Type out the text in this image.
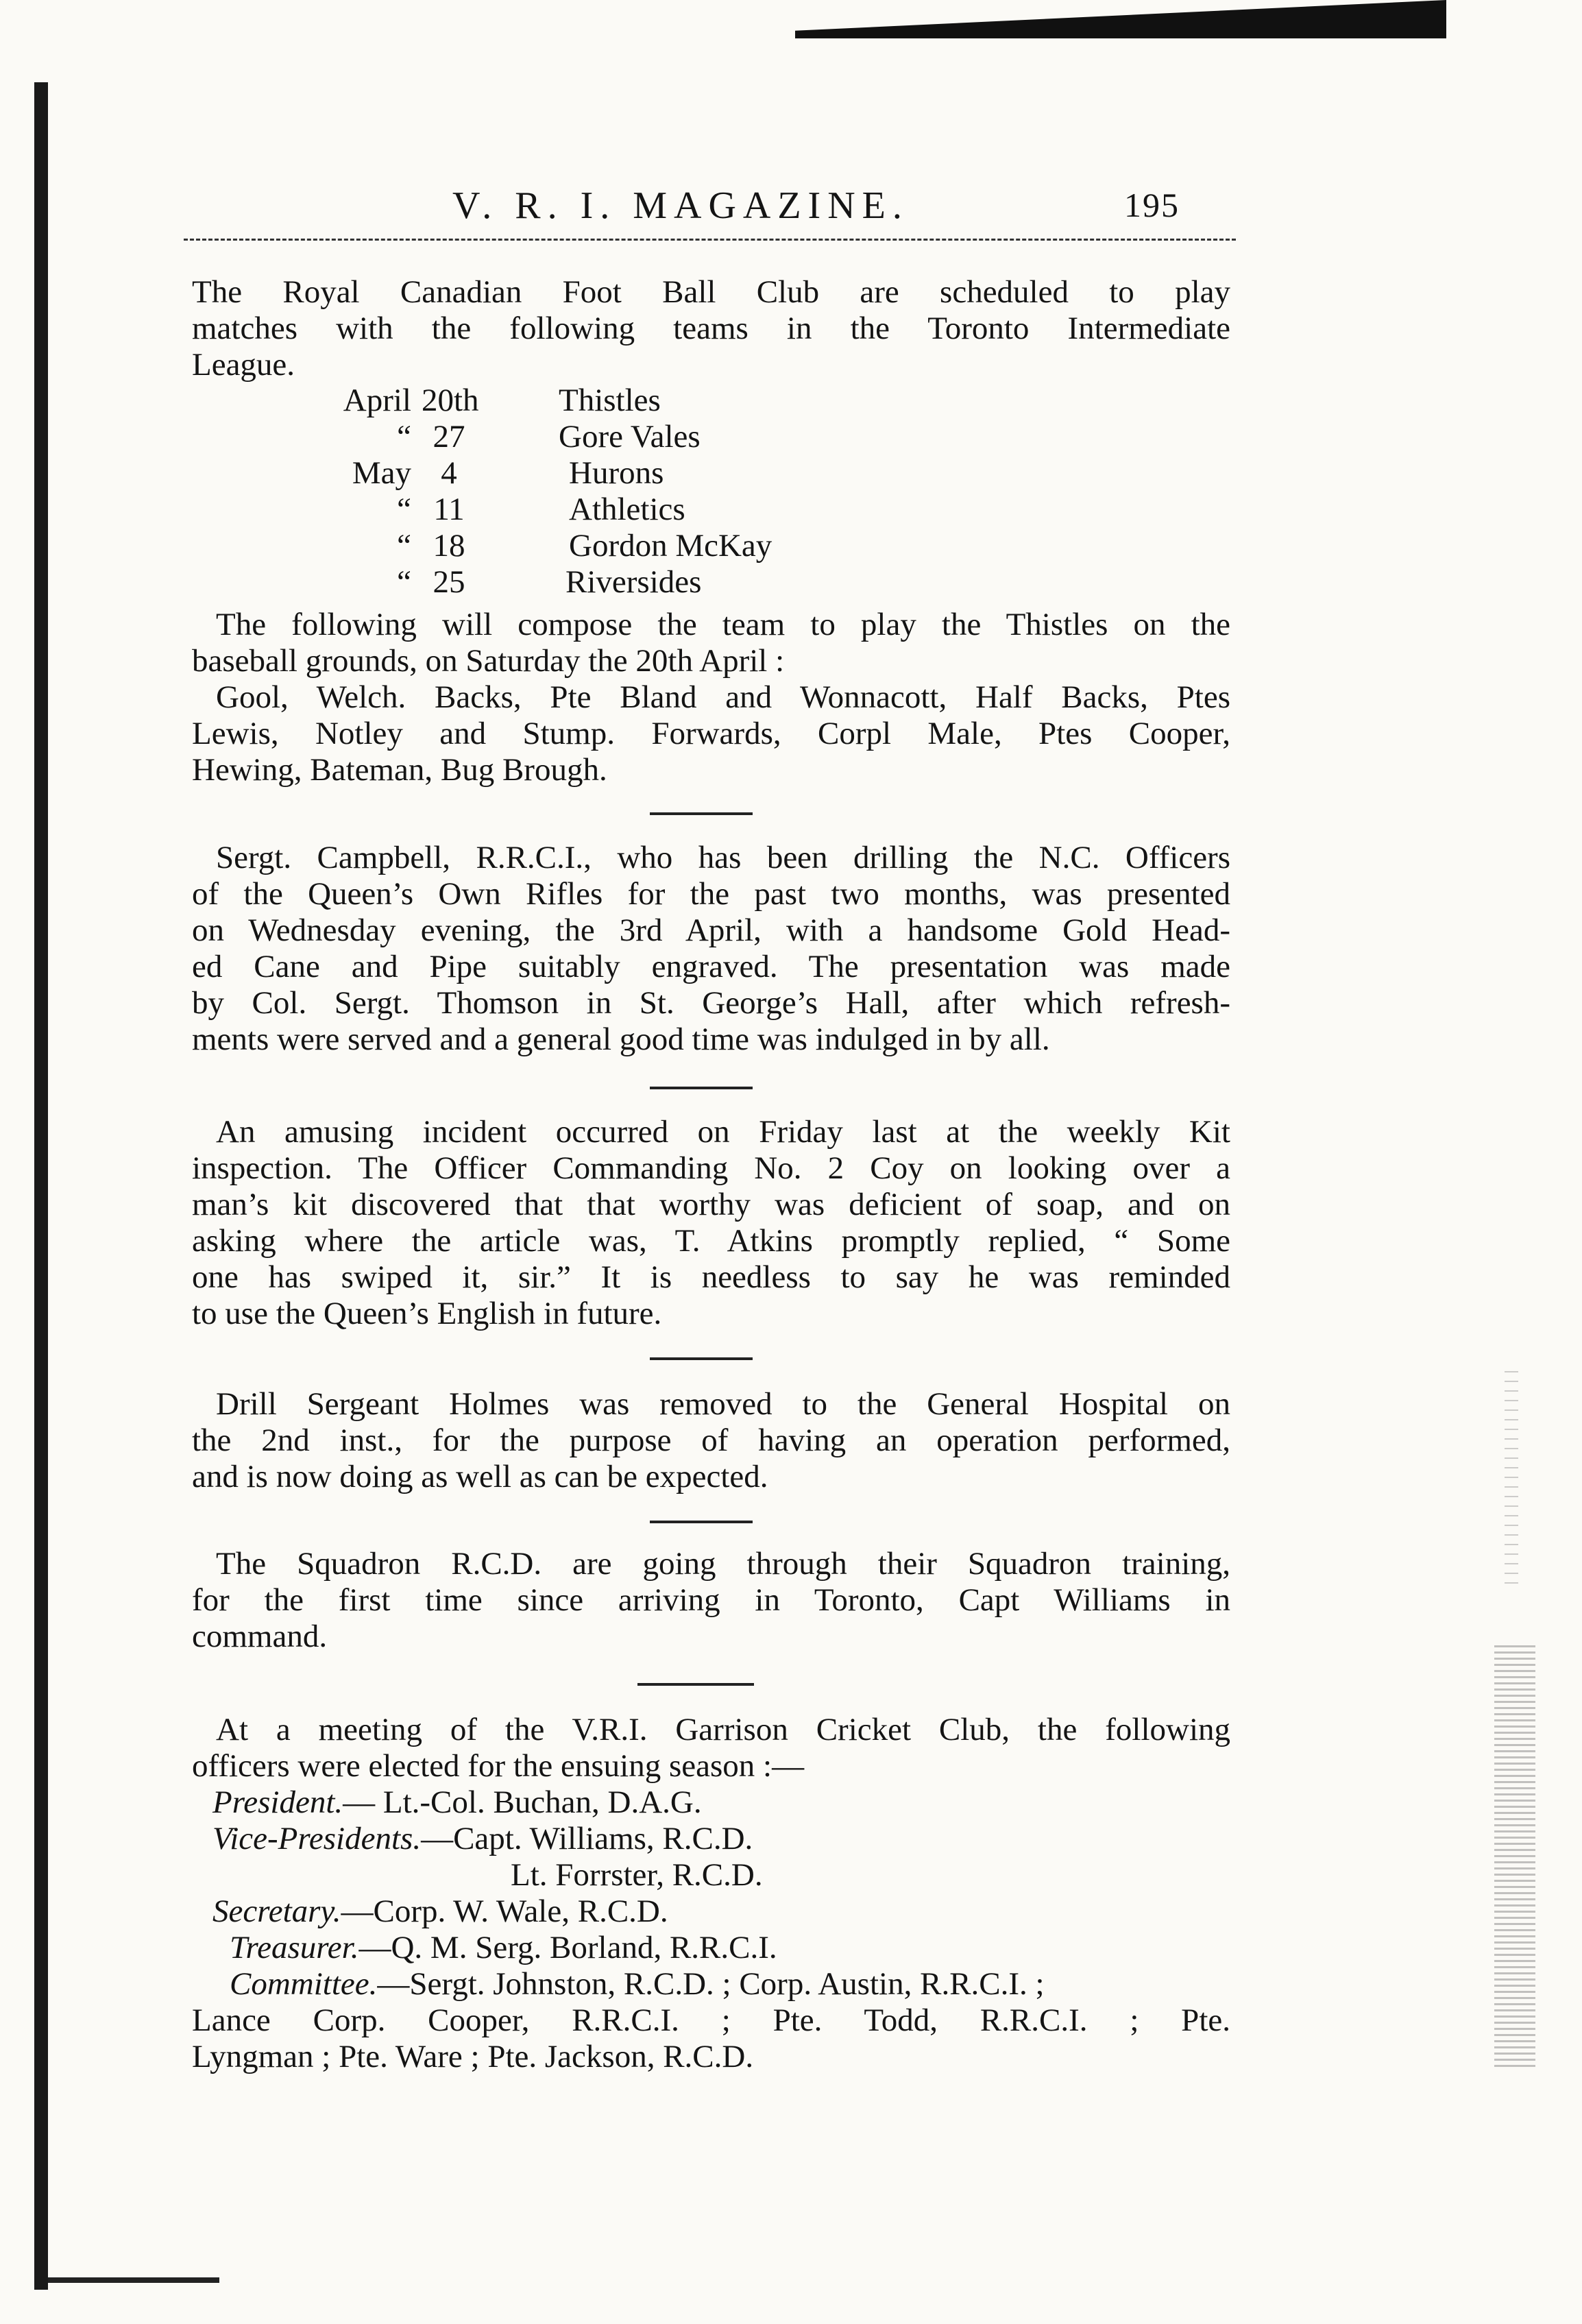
V. R. I. MAGAZINE.	195
The Royal Canadian Foot Ball Club are scheduled to play
matches with the following teams in the Toronto Intermediate
League.
April 20th Thistles
“ 27	Gore Vales
May 4	Hurons
“ 11	Athletics
“ 18	Gordon McKay
“ 25	Riversides
The following will compose the team to play the Thistles on the
baseball grounds, on Saturday the 20th April :
Gool, Welch. Backs, Pte Bland and Wonnacott, Half Backs, Ptes
Lewis, Notley and Stump. Forwards, Corpl Male, Ptes Cooper,
Hewing, Bateman, Bug Brough.
Sergt. Campbell, R.R.C.I., who has been drilling the N.C. Officers
of the Queen’s Own Rifles for the past two months, was presented
on Wednesday evening, the 3rd April, with a handsome Gold Head-
ed Cane and Pipe suitably engraved. The presentation was made
by Col. Sergt. Thomson in St. George’s Hall, after which refresh-
ments were served and a general good time was indulged in by all.
An amusing incident occurred on Friday last at the weekly Kit
inspection. The Officer Commanding No. 2 Coy on looking over a
man’s kit discovered that that worthy was deficient of soap, and on
asking where the article was, T. Atkins promptly replied, “ Some
one has swiped it, sir.” It is needless to say he was reminded
to use the Queen’s English in future.
Drill Sergeant Holmes was removed to the General Hospital on
the 2nd inst., for the purpose of having an operation performed,
and is now doing as well as can be expected.
The Squadron R.C.D. are going through their Squadron training,
for the first time since arriving in Toronto, Capt Williams in
command.
At a meeting of the V.R.I. Garrison Cricket Club, the following
officers were elected for the ensuing season :—
President.— Lt.-Col. Buchan, D.A.G.
Vice-Presidents.—Capt. Williams, R.C.D.
Lt. Forrster, R.C.D.
Secretary.—Corp. W. Wale, R.C.D.
Treasurer.—Q. M. Serg. Borland, R.R.C.I.
Committee.—Sergt. Johnston, R.C.D. ; Corp. Austin, R.R.C.I. ;
Lance Corp. Cooper, R.R.C.I. ; Pte. Todd, R.R.C.I. ; Pte.
Lyngman ; Pte. Ware ; Pte. Jackson, R.C.D.
